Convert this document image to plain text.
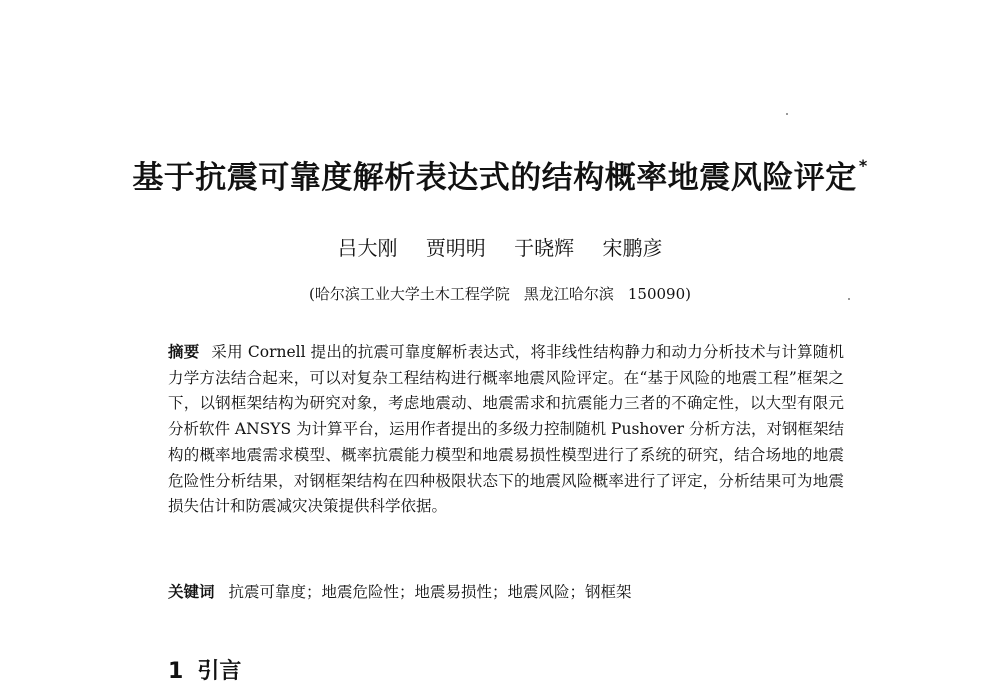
基于抗震可靠度解析表达式的结构概率地震风险评定 *
吕大刚 贾明明 于晓辉 宋鹏彦
(哈尔滨工业大学土木工程学院 黑龙江哈尔滨 150090)
摘要 采用 Cornell 提出的抗震可靠度解析表达式，将非线性结构静力和动力分析技术与计算随机力学方法结合起来，可以对复杂工程结构进行概率地震风险评定。在“基于风险的地震工程”框架之下，以钢框架结构为研究对象，考虑地震动、地震需求和抗震能力三者的不确定性，以大型有限元分析软件 ANSYS 为计算平台，运用作者提出的多级力控制随机 Pushover 分析方法，对钢框架结构的概率地震需求模型、概率抗震能力模型和地震易损性模型进行了系统的研究，结合场地的地震危险性分析结果，对钢框架结构在四种极限状态下的地震风险概率进行了评定，分析结果可为地震损失估计和防震减灾决策提供科学依据。
关键词 抗震可靠度；地震危险性；地震易损性；地震风险；钢框架
1 引言
